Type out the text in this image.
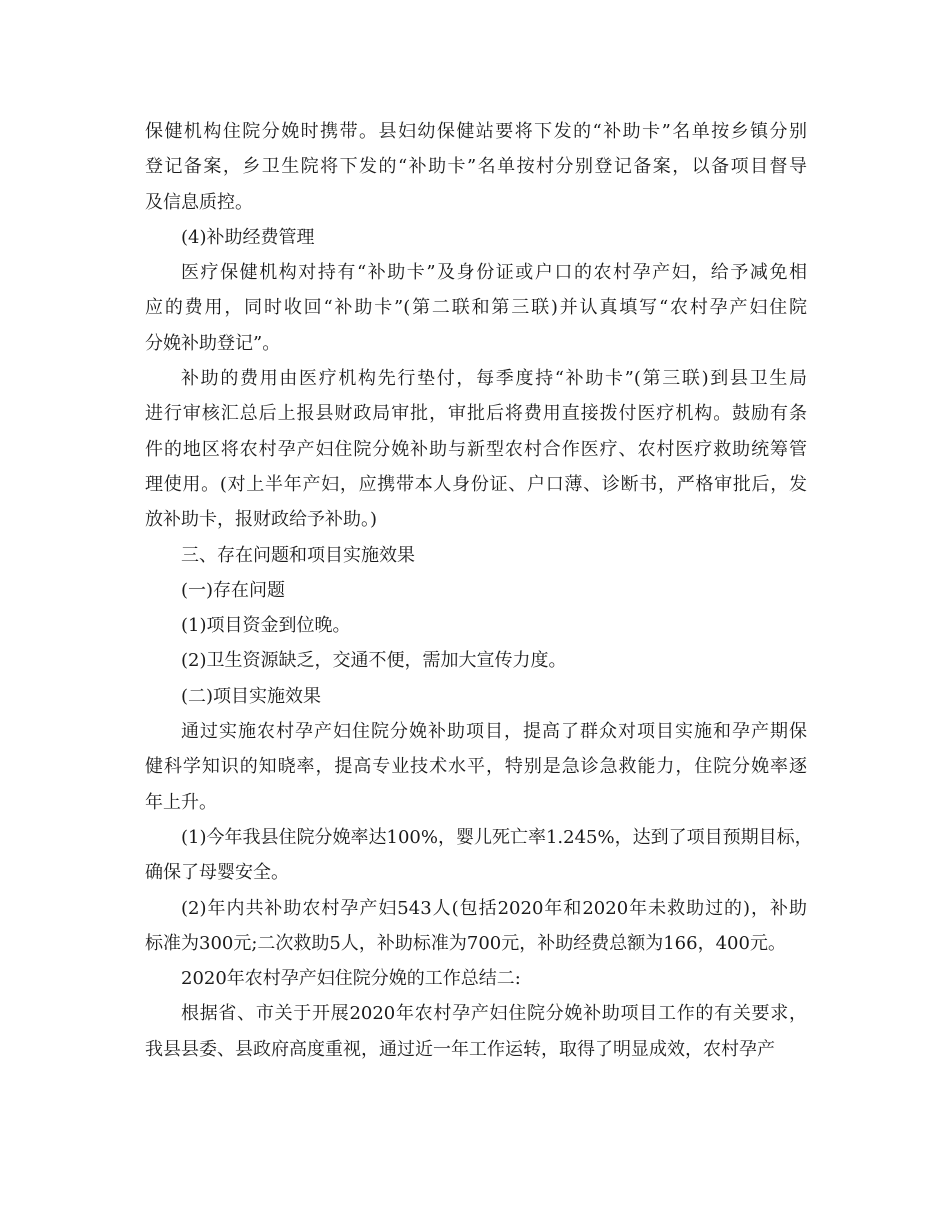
保健机构住院分娩时携带。县妇幼保健站要将下发的“补助卡”名单按乡镇分别
登记备案，乡卫生院将下发的“补助卡”名单按村分别登记备案，以备项目督导
及信息质控。
(4)补助经费管理
医疗保健机构对持有“补助卡”及身份证或户口的农村孕产妇，给予减免相
应的费用，同时收回“补助卡”(第二联和第三联)并认真填写“农村孕产妇住院
分娩补助登记”。
补助的费用由医疗机构先行垫付，每季度持“补助卡”(第三联)到县卫生局
进行审核汇总后上报县财政局审批，审批后将费用直接拨付医疗机构。鼓励有条
件的地区将农村孕产妇住院分娩补助与新型农村合作医疗、农村医疗救助统筹管
理使用。(对上半年产妇，应携带本人身份证、户口薄、诊断书，严格审批后，发
放补助卡，报财政给予补助。)
三、存在问题和项目实施效果
(一)存在问题
(1)项目资金到位晚。
(2)卫生资源缺乏，交通不便，需加大宣传力度。
(二)项目实施效果
通过实施农村孕产妇住院分娩补助项目，提高了群众对项目实施和孕产期保
健科学知识的知晓率，提高专业技术水平，特别是急诊急救能力，住院分娩率逐
年上升。
(1)今年我县住院分娩率达100%，婴儿死亡率1.245%，达到了项目预期目标，
确保了母婴安全。
(2)年内共补助农村孕产妇543人(包括2020年和2020年未救助过的)，补助
标准为300元;二次救助5人，补助标准为700元，补助经费总额为166，400元。
2020年农村孕产妇住院分娩的工作总结二:
根据省、市关于开展2020年农村孕产妇住院分娩补助项目工作的有关要求，
我县县委、县政府高度重视，通过近一年工作运转，取得了明显成效，农村孕产
